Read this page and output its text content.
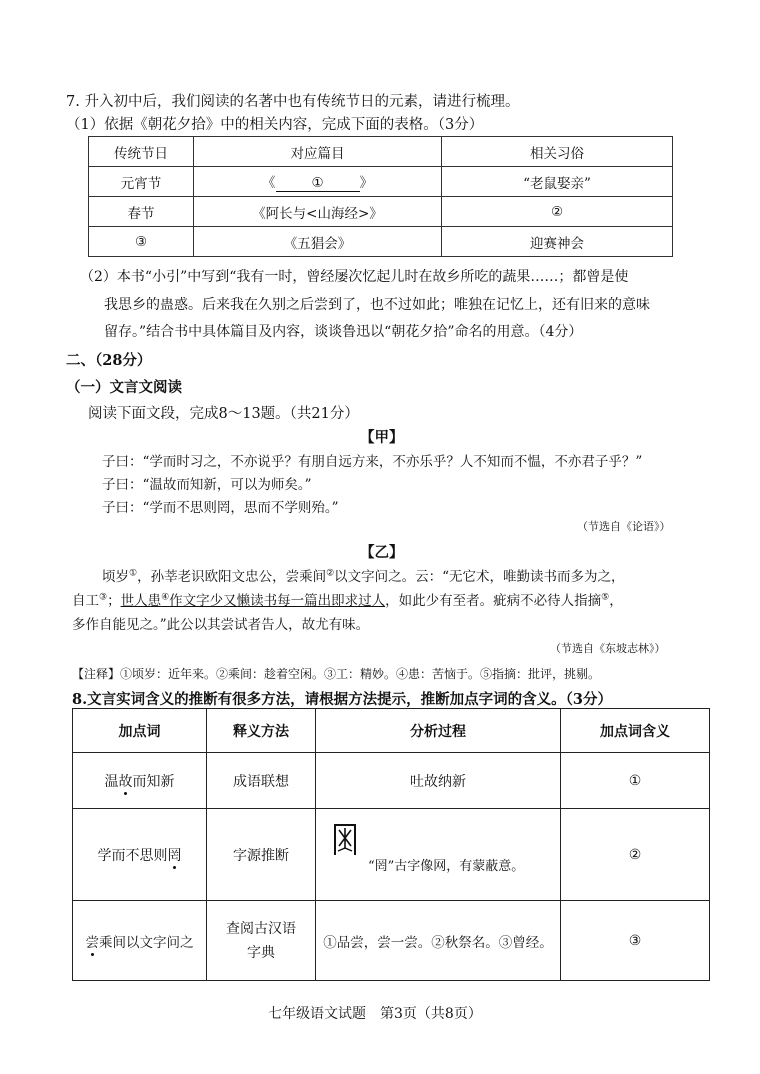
7. 升入初中后，我们阅读的名著中也有传统节日的元素，请进行梳理。
（1）依据《朝花夕拾》中的相关内容，完成下面的表格。（3分）
传统节日	对应篇目	相关习俗
元宵节	《 ① 》	“老鼠娶亲”
春节	《阿长与<山海经>》	②
③	《五猖会》	迎赛神会
（2）本书“小引”中写到“我有一时，曾经屡次忆起儿时在故乡所吃的蔬果……；都曾是使
我思乡的蛊惑。后来我在久别之后尝到了，也不过如此；唯独在记忆上，还有旧来的意味
留存。”结合书中具体篇目及内容，谈谈鲁迅以“朝花夕拾”命名的用意。（4分）
二、（28分）
（一）文言文阅读
阅读下面文段，完成8～13题。（共21分）
【甲】
子曰：“学而时习之，不亦说乎？有朋自远方来，不亦乐乎？人不知而不愠，不亦君子乎？”
子曰：“温故而知新，可以为师矣。”
子曰：“学而不思则罔，思而不学则殆。”
（节选自《论语》）
【乙】
顷岁①，孙莘老识欧阳文忠公，尝乘间②以文字问之。云：“无它术，唯勤读书而多为之，
自工③；世人患④作文字少又懒读书每一篇出即求过人，如此少有至者。疵病不必待人指摘⑤，
多作自能见之。”此公以其尝试者告人，故尤有味。
（节选自《东坡志林》）
【注释】①顷岁：近年来。②乘间：趁着空闲。③工：精妙。④患：苦恼于。⑤指摘：批评，挑剔。
8.文言实词含义的推断有很多方法，请根据方法提示，推断加点字词的含义。（3分）
加点词	释义方法	分析过程	加点词含义
温故而知新	成语联想	吐故纳新	①
学而不思则罔	字源推断	“罔”古字像网，有蒙蔽意。	②
尝乘间以文字问之	查阅古汉语
字典	①品尝，尝一尝。②秋祭名。③曾经。	③
七年级语文试题　第3页（共8页）
